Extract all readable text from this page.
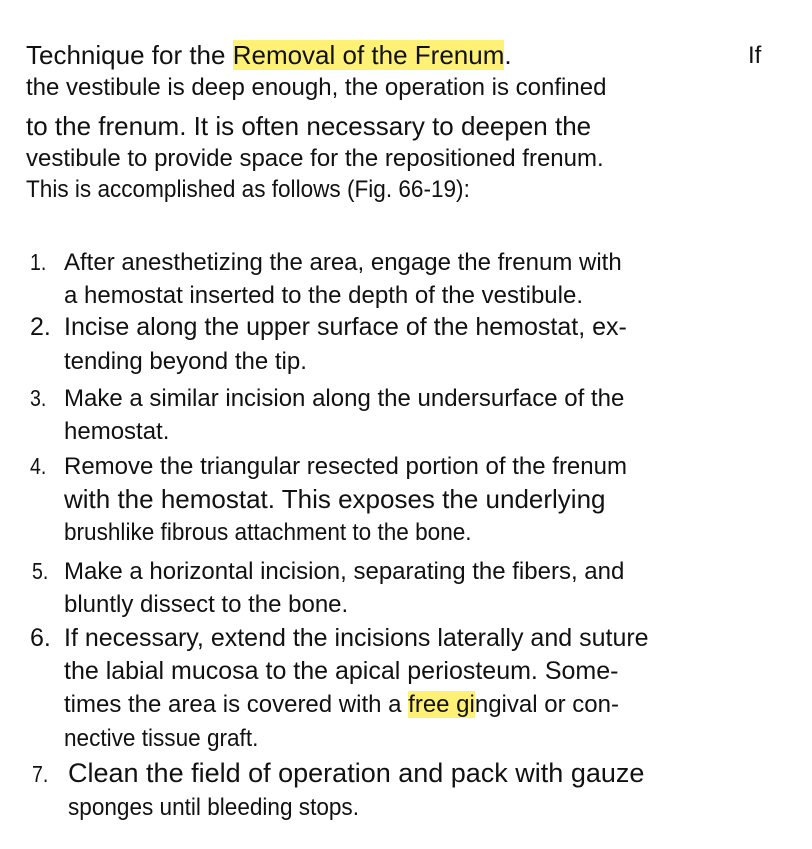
Technique for the Removal of the Frenum.	If
the vestibule is deep enough, the operation is confined
to the frenum. It is often necessary to deepen the
vestibule to provide space for the repositioned frenum.
This is accomplished as follows (Fig. 66-19):
1. After anesthetizing the area, engage the frenum with
a hemostat inserted to the depth of the vestibule.
2. Incise along the upper surface of the hemostat, ex-
tending beyond the tip.
3. Make a similar incision along the undersurface of the
hemostat.
4. Remove the triangular resected portion of the frenum
with the hemostat. This exposes the underlying
brushlike fibrous attachment to the bone.
5. Make a horizontal incision, separating the fibers, and
bluntly dissect to the bone.
6. If necessary, extend the incisions laterally and suture
the labial mucosa to the apical periosteum. Some-
times the area is covered with a free gingival or con-
nective tissue graft.
7. Clean the field of operation and pack with gauze
sponges until bleeding stops.
